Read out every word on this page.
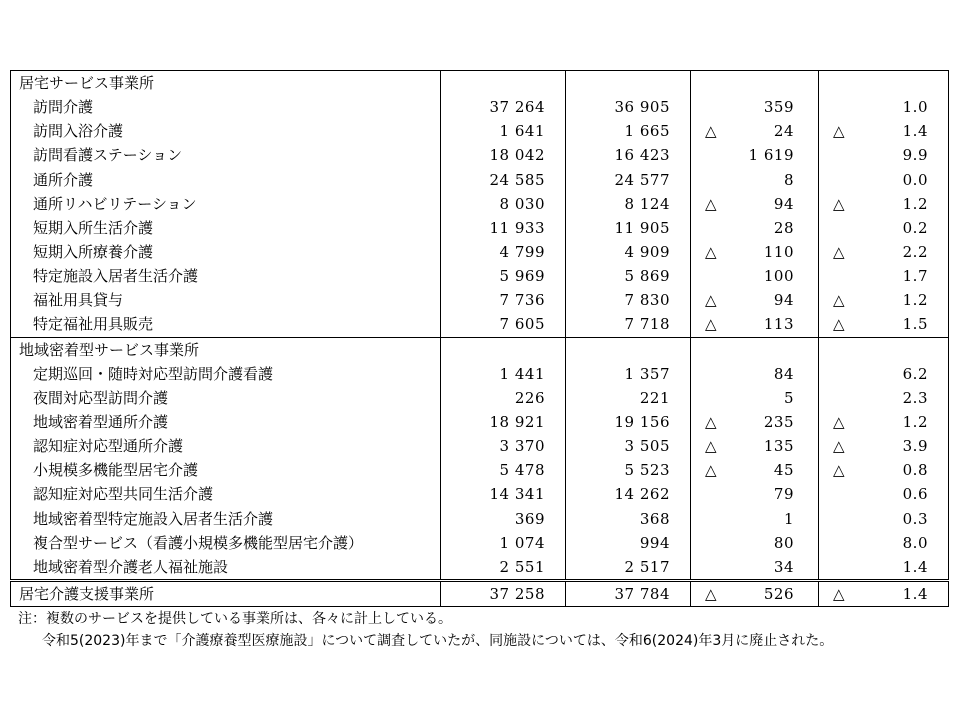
居宅サービス事業所			

訪問介護	37 264	36 905	359	1.0

訪問入浴介護	1 641	1 665	△ 24	△ 1.4

訪問看護ステーション	18 042	16 423	1 619	9.9

通所介護	24 585	24 577	8	0.0

通所リハビリテーション	8 030	8 124	△ 94	△ 1.2

短期入所生活介護	11 933	11 905	28	0.2

短期入所療養介護	4 799	4 909	△ 110	△ 2.2

特定施設入居者生活介護	5 969	5 869	100	1.7

福祉用具貸与	7 736	7 830	△ 94	△ 1.2

特定福祉用具販売	7 605	7 718	△ 113	△ 1.5

地域密着型サービス事業所			

定期巡回・随時対応型訪問介護看護	1 441	1 357	84	6.2

夜間対応型訪問介護	226	221	5	2.3

地域密着型通所介護	18 921	19 156	△ 235	△ 1.2

認知症対応型通所介護	3 370	3 505	△ 135	△ 3.9

小規模多機能型居宅介護	5 478	5 523	△ 45	△ 0.8

認知症対応型共同生活介護	14 341	14 262	79	0.6

地域密着型特定施設入居者生活介護	369	368	1	0.3

複合型サービス（看護小規模多機能型居宅介護）	1 074	994	80	8.0

地域密着型介護老人福祉施設	2 551	2 517	34	1.4

居宅介護支援事業所	37 258	37 784	△ 526	△ 1.4
注：複数のサービスを提供している事業所は、各々に計上している。
令和5(2023)年まで「介護療養型医療施設」について調査していたが、同施設については、令和6(2024)年3月に廃止された。
